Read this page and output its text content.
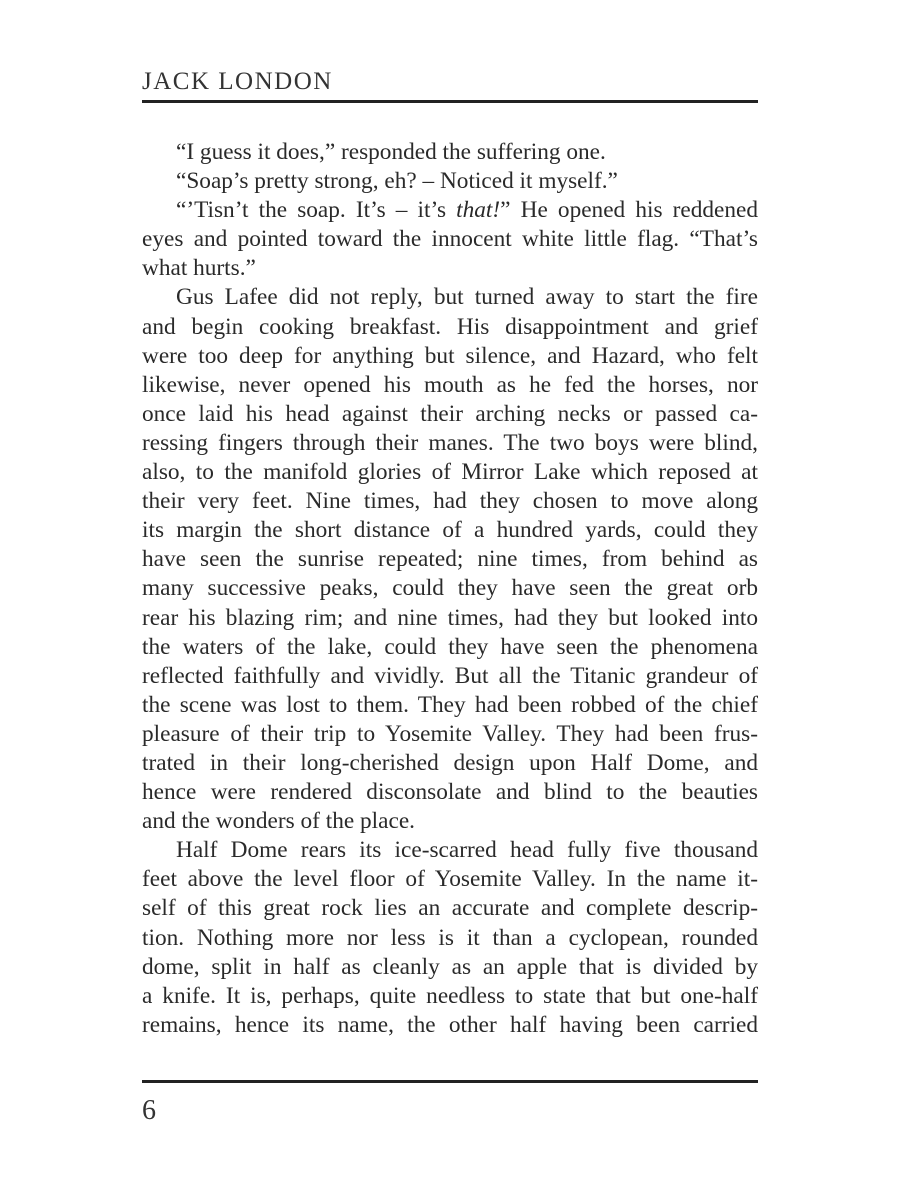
JACK LONDON
“I guess it does,” responded the suffering one.
“Soap’s pretty strong, eh? – Noticed it myself.”
“’Tisn’t the soap. It’s – it’s that!” He opened his reddened
eyes and pointed toward the innocent white little flag. “That’s
what hurts.”
Gus Lafee did not reply, but turned away to start the fire
and begin cooking breakfast. His disappointment and grief
were too deep for anything but silence, and Hazard, who felt
likewise, never opened his mouth as he fed the horses, nor
once laid his head against their arching necks or passed ca-
ressing fingers through their manes. The two boys were blind,
also, to the manifold glories of Mirror Lake which reposed at
their very feet. Nine times, had they chosen to move along
its margin the short distance of a hundred yards, could they
have seen the sunrise repeated; nine times, from behind as
many successive peaks, could they have seen the great orb
rear his blazing rim; and nine times, had they but looked into
the waters of the lake, could they have seen the phenomena
reflected faithfully and vividly. But all the Titanic grandeur of
the scene was lost to them. They had been robbed of the chief
pleasure of their trip to Yosemite Valley. They had been frus-
trated in their long-cherished design upon Half Dome, and
hence were rendered disconsolate and blind to the beauties
and the wonders of the place.
Half Dome rears its ice-scarred head fully five thousand
feet above the level floor of Yosemite Valley. In the name it-
self of this great rock lies an accurate and complete descrip-
tion. Nothing more nor less is it than a cyclopean, rounded
dome, split in half as cleanly as an apple that is divided by
a knife. It is, perhaps, quite needless to state that but one-half
remains, hence its name, the other half having been carried
6
